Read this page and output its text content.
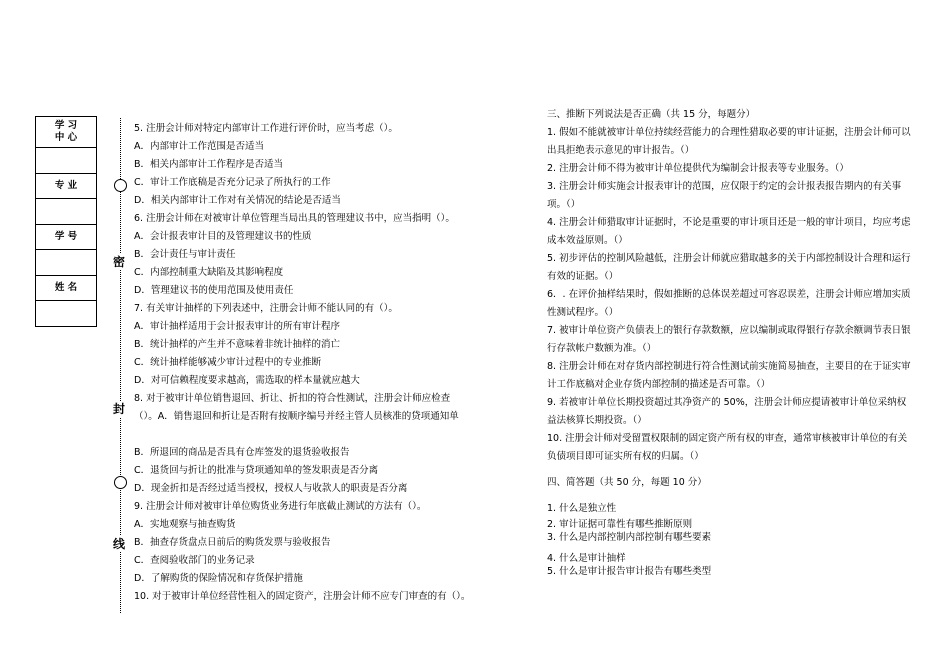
学 习
中 心

专 业

学 号

姓 名

密
封
线

5. 注册会计师对特定内部审计工作进行评价时，应当考虑（）。

A．内部审计工作范围是否适当

B．相关内部审计工作程序是否适当

C．审计工作底稿是否充分记录了所执行的工作

D．相关内部审计工作对有关情况的结论是否适当

6. 注册会计师在对被审计单位管理当局出具的管理建议书中，应当指明（）。

A．会计报表审计目的及管理建议书的性质

B．会计责任与审计责任

C．内部控制重大缺陷及其影响程度

D．管理建议书的使用范围及使用责任

7. 有关审计抽样的下列表述中，注册会计师不能认同的有（）。

A．审计抽样适用于会计报表审计的所有审计程序

B．统计抽样的产生并不意味着非统计抽样的消亡

C．统计抽样能够减少审计过程中的专业推断

D．对可信赖程度要求越高，需选取的样本量就应越大

8. 对于被审计单位销售退回、折让、折扣的符合性测试，注册会计师应检查

（）。A．销售退回和折让是否附有按顺序编号并经主管人员核准的贷项通知单

B．所退回的商品是否具有仓库签发的退货验收报告

C．退货回与折让的批准与贷项通知单的签发职责是否分离

D．现金折扣是否经过适当授权，授权人与收款人的职责是否分离

9. 注册会计师对被审计单位购货业务进行年底截止测试的方法有（）。

A．实地观察与抽查购货

B．抽查存货盘点日前后的购货发票与验收报告

C．查阅验收部门的业务记录

D．了解购货的保险情况和存货保护措施

10. 对于被审计单位经营性租入的固定资产，注册会计师不应专门审查的有（）。

三、推断下列说法是否正确（共 15 分，每题分）

1. 假如不能就被审计单位持续经营能力的合理性猎取必要的审计证据，注册会计师可以出具拒绝表示意见的审计报告。（）

2. 注册会计师不得为被审计单位提供代为编制会计报表等专业服务。（）

3. 注册会计师实施会计报表审计的范围，应仅限于约定的会计报表报告期内的有关事项。（）

4. 注册会计师猎取审计证据时，不论是重要的审计项目还是一般的审计项目，均应考虑成本效益原则。（）

5. 初步评估的控制风险越低，注册会计师就应猎取越多的关于内部控制设计合理和运行有效的证据。（）

6．. 在评价抽样结果时，假如推断的总体误差超过可容忍误差，注册会计师应增加实质性测试程序。（）

7. 被审计单位资产负债表上的银行存款数额，应以编制或取得银行存款余额调节表日银行存款帐户数额为准。（）

8. 注册会计师在对存货内部控制进行符合性测试前实施简易抽查，主要目的在于证实审计工作底稿对企业存货内部控制的描述是否可靠。（）

9. 若被审计单位长期投资超过其净资产的 50%，注册会计师应提请被审计单位采纳权益法核算长期投资。（）

10. 注册会计师对受留置权限制的固定资产所有权的审查，通常审核被审计单位的有关负债项目即可证实所有权的归属。（）

四、简答题（共 50 分，每题 10 分）

1. 什么是独立性

2. 审计证据可靠性有哪些推断原则

3. 什么是内部控制内部控制有哪些要素

4. 什么是审计抽样

5. 什么是审计报告审计报告有哪些类型
